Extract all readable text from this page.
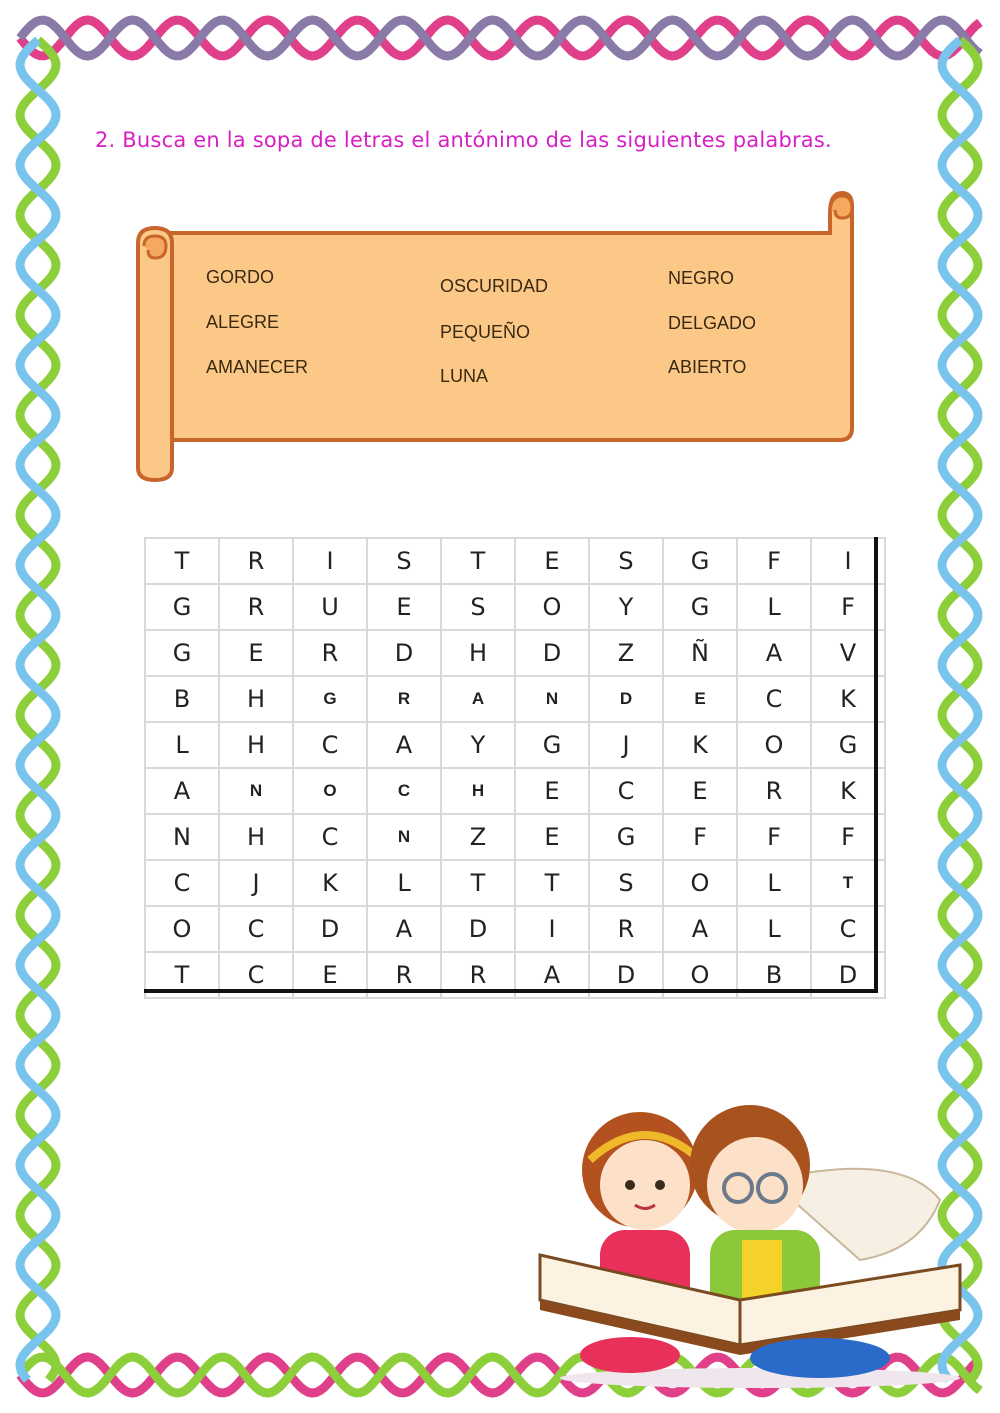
2. Busca en la sopa de letras el antónimo de las siguientes palabras.
GORDO
ALEGRE
AMANECER
OSCURIDAD
PEQUEÑO
LUNA
NEGRO
DELGADO
ABIERTO
T	R	I	S	T	E	S	G	F	I
G	R	U	E	S	O	Y	G	L	F
G	E	R	D	H	D	Z	Ñ	A	V
B	H	G	R	A	N	D	E	C	K
L	H	C	A	Y	G	J	K	O	G
A	N	O	C	H	E	C	E	R	K
N	H	C	N	Z	E	G	F	F	F
C	J	K	L	T	T	S	O	L	T
O	C	D	A	D	I	R	A	L	C
T	C	E	R	R	A	D	O	B	D
